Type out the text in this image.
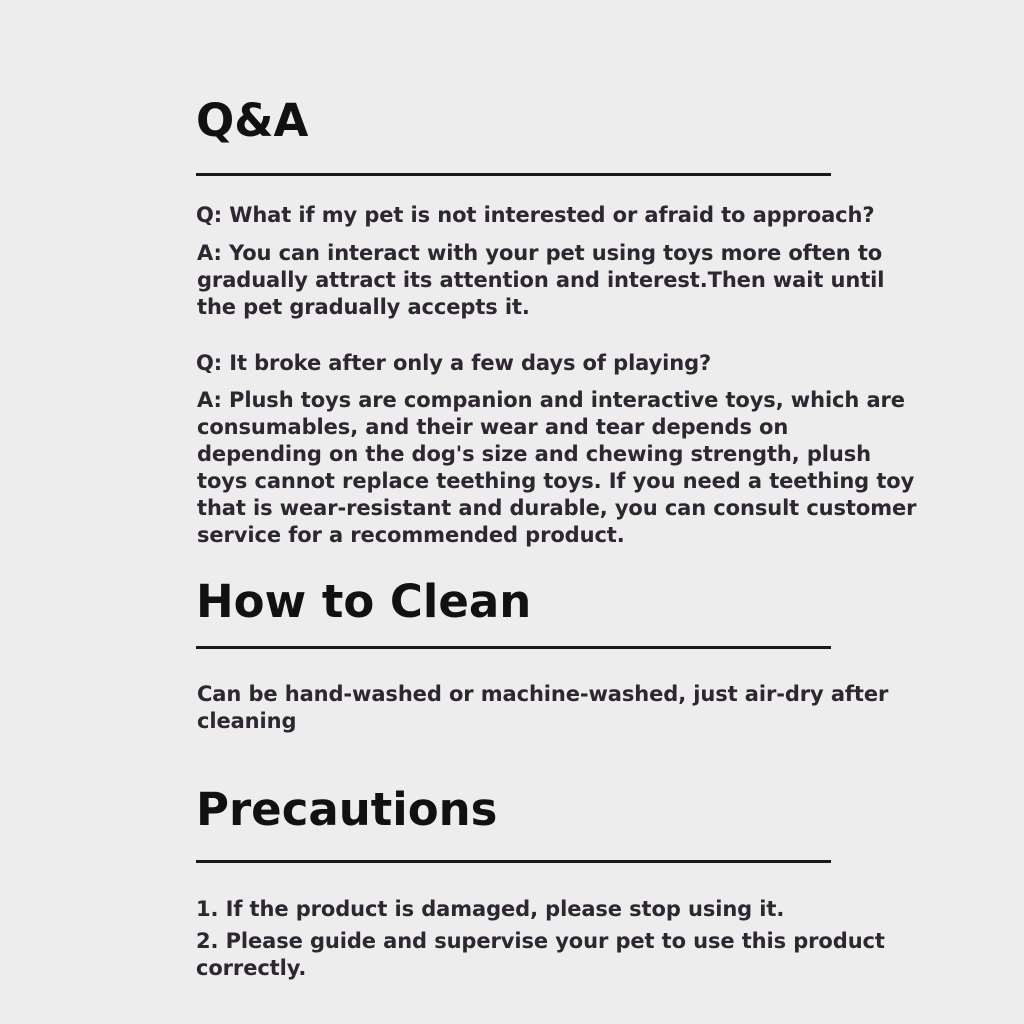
Q&A

Q: What if my pet is not interested or afraid to approach?

A: You can interact with your pet using toys more often to gradually attract its attention and interest.Then wait until the pet gradually accepts it.

Q: It broke after only a few days of playing?

A: Plush toys are companion and interactive toys, which are consumables, and their wear and tear depends on depending on the dog's size and chewing strength, plush toys cannot replace teething toys. If you need a teething toy that is wear-resistant and durable, you can consult customer service for a recommended product.

How to Clean

Can be hand-washed or machine-washed, just air-dry after cleaning

Precautions

1. If the product is damaged, please stop using it.

2. Please guide and supervise your pet to use this product correctly.
